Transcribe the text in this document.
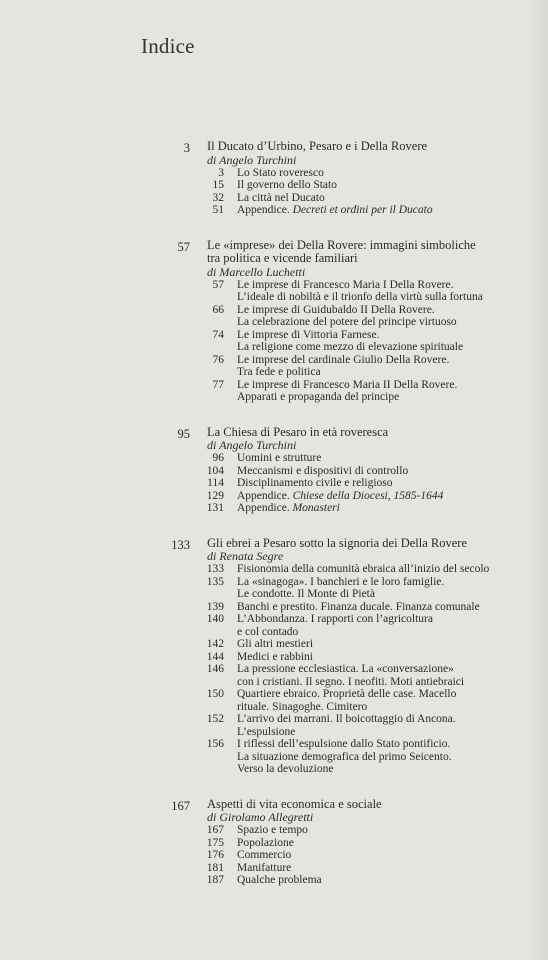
Indice
3 Il Ducato d’Urbino, Pesaro e i Della Rovere
di Angelo Turchini
3 Lo Stato roveresco
15 Il governo dello Stato
32 La città nel Ducato
51 Appendice. Decreti et ordini per il Ducato
57 Le «imprese» dei Della Rovere: immagini simboliche
tra politica e vicende familiari
di Marcello Luchetti
57 Le imprese di Francesco Maria I Della Rovere.
L’ideale di nobiltà e il trionfo della virtù sulla fortuna
66 Le imprese di Guidubaldo II Della Rovere.
La celebrazione del potere del principe virtuoso
74 Le imprese di Vittoria Farnese.
La religione come mezzo di elevazione spirituale
76 Le imprese del cardinale Giulio Della Rovere.
Tra fede e politica
77 Le imprese di Francesco Maria II Della Rovere.
Apparati e propaganda del principe
95 La Chiesa di Pesaro in età roveresca
di Angelo Turchini
96 Uomini e strutture
104 Meccanismi e dispositivi di controllo
114 Disciplinamento civile e religioso
129 Appendice. Chiese della Diocesi, 1585-1644
131 Appendice. Monasteri
133 Gli ebrei a Pesaro sotto la signoria dei Della Rovere
di Renata Segre
133 Fisionomia della comunità ebraica all’inizio del secolo
135 La «sinagoga». I banchieri e le loro famiglie.
Le condotte. Il Monte di Pietà
139 Banchi e prestito. Finanza ducale. Finanza comunale
140 L’Abbondanza. I rapporti con l’agricoltura
e col contado
142 Gli altri mestieri
144 Medici e rabbini
146 La pressione ecclesiastica. La «conversazione»
con i cristiani. Il segno. I neofiti. Moti antiebraici
150 Quartiere ebraico. Proprietà delle case. Macello
rituale. Sinagoghe. Cimitero
152 L’arrivo dei marrani. Il boicottaggio di Ancona.
L’espulsione
156 I riflessi dell’espulsione dallo Stato pontificio.
La situazione demografica del primo Seicento.
Verso la devoluzione
167 Aspetti di vita economica e sociale
di Girolamo Allegretti
167 Spazio e tempo
175 Popolazione
176 Commercio
181 Manifatture
187 Qualche problema
